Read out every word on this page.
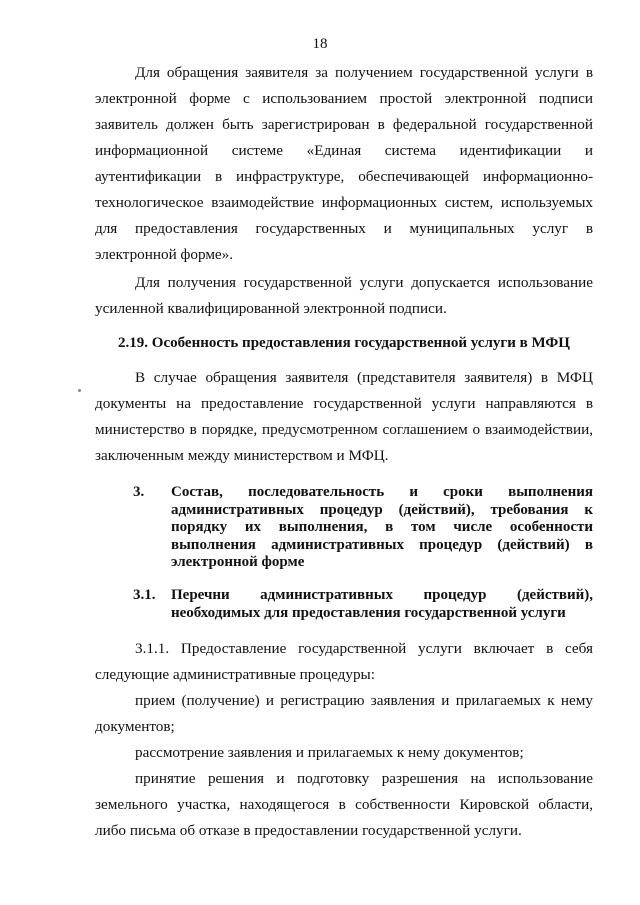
18

Для обращения заявителя за получением государственной услуги в электронной форме с использованием простой электронной подписи заявитель должен быть зарегистрирован в федеральной государственной информационной системе «Единая система идентификации и аутентификации в инфраструктуре, обеспечивающей информационно-технологическое взаимодействие информационных систем, используемых для предоставления государственных и муниципальных услуг в электронной форме».

Для получения государственной услуги допускается использование усиленной квалифицированной электронной подписи.

2.19. Особенность предоставления государственной услуги в МФЦ

В случае обращения заявителя (представителя заявителя) в МФЦ документы на предоставление государственной услуги направляются в министерство в порядке, предусмотренном соглашением о взаимодействии, заключенным между министерством и МФЦ.

3. Состав, последовательность и сроки выполнения административных процедур (действий), требования к порядку их выполнения, в том числе особенности выполнения административных процедур (действий) в электронной форме
3.1. Перечни административных процедур (действий), необходимых для предоставления государственной услуги

3.1.1. Предоставление государственной услуги включает в себя следующие административные процедуры:

прием (получение) и регистрацию заявления и прилагаемых к нему документов;

рассмотрение заявления и прилагаемых к нему документов;

принятие решения и подготовку разрешения на использование земельного участка, находящегося в собственности Кировской области, либо письма об отказе в предоставлении государственной услуги.
